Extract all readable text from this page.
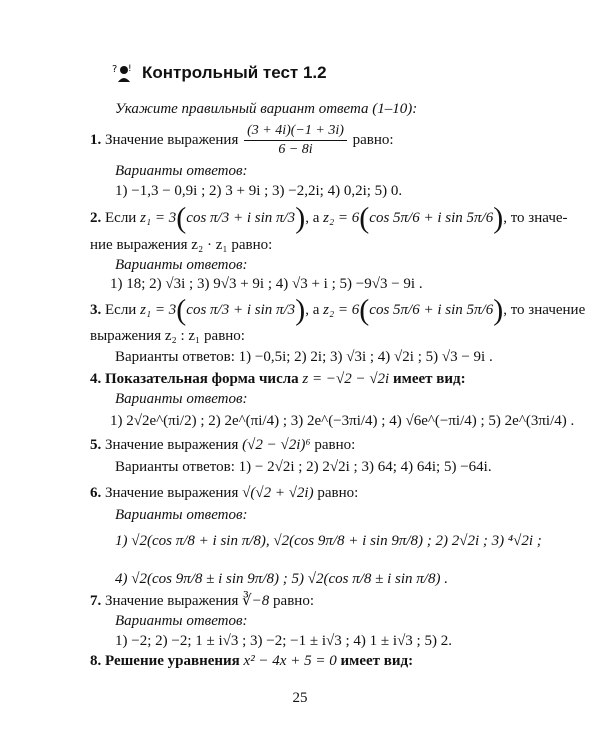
? ! Контрольный тест 1.2
Укажите правильный вариант ответа (1–10):
1. Значение выражения $\frac{(3 + 4i)(-1 + 3i)}{6 - 8i}$ равно:
Варианты ответов:
1) −1,3 − 0,9i ; 2) 3 + 9i ; 3) −2,2i; 4) 0,2i; 5) 0.
2. Если z₁ = 3(cos π/3 + i sin π/3), а z₂ = 6(cos 5π/6 + i sin 5π/6), то значе-
ние выражения z₂ · z₁ равно:
Варианты ответов:
1) 18; 2) √3i ; 3) 9√3 + 9i ; 4) √3 + i ; 5) −9√3 − 9i .
3. Если z₁ = 3(cos π/3 + i sin π/3), а z₂ = 6(cos 5π/6 + i sin 5π/6), то значение
выражения z₂ : z₁ равно:
Варианты ответов: 1) −0,5i; 2) 2i; 3) √3i ; 4) √2i ; 5) √3 − 9i .
4. Показательная форма числа z = −√2 − √2i имеет вид:
Варианты ответов:
1) 2√2e^(πi/2) ; 2) 2e^(πi/4) ; 3) 2e^(−3πi/4) ; 4) √6e^(−πi/4) ; 5) 2e^(3πi/4) .
5. Значение выражения (√2 − √2i)⁶ равно:
Варианты ответов: 1) − 2√2i ; 2) 2√2i ; 3) 64; 4) 64i; 5) −64i.
6. Значение выражения √(√2 + √2i) равно:
Варианты ответов:
1) √2(cos π/8 + i sin π/8), √2(cos 9π/8 + i sin 9π/8) ; 2) 2√2i ; 3) ⁴√2i ;
4) √2(cos 9π/8 ± i sin 9π/8) ; 5) √2(cos π/8 ± i sin π/8) .
7. Значение выражения ∛−8 равно:
Варианты ответов:
1) −2; 2) −2; 1 ± i√3 ; 3) −2; −1 ± i√3 ; 4) 1 ± i√3 ; 5) 2.
8. Решение уравнения x² − 4x + 5 = 0 имеет вид:
25
